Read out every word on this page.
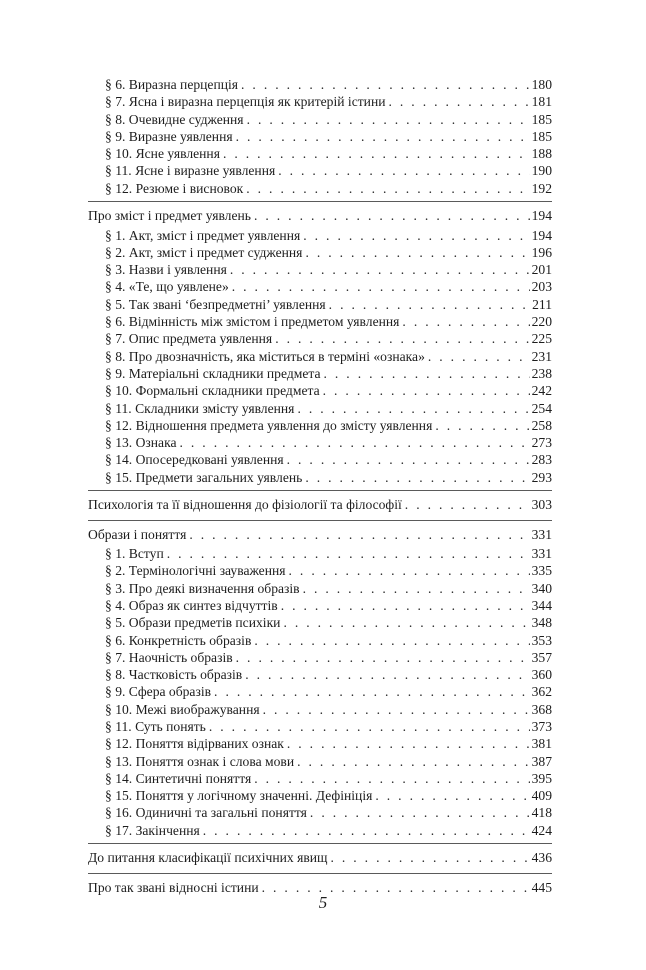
§ 6. Виразна перцепція . . .	180
§ 7. Ясна і виразна перцепція як критерій істини . . .	181
§ 8. Очевидне судження . . .	185
§ 9. Виразне уявлення . . .	185
§ 10. Ясне уявлення . . .	188
§ 11. Ясне і виразне уявлення . . .	190
§ 12. Резюме і висновок . . .	192
Про зміст і предмет уявлень . . .	194
§ 1. Акт, зміст і предмет уявлення . . .	194
§ 2. Акт, зміст і предмет судження . . .	196
§ 3. Назви і уявлення . . .	201
§ 4. «Те, що уявлене» . . .	203
§ 5. Так звані ‘безпредметні’ уявлення . . .	211
§ 6. Відмінність між змістом і предметом уявлення . . .	220
§ 7. Опис предмета уявлення . . .	225
§ 8. Про двозначність, яка міститься в терміні «ознака» . . .	231
§ 9. Матеріальні складники предмета . . .	238
§ 10. Формальні складники предмета . . .	242
§ 11. Складники змісту уявлення . . .	254
§ 12. Відношення предмета уявлення до змісту уявлення . . .	258
§ 13. Ознака . . .	273
§ 14. Опосередковані уявлення . . .	283
§ 15. Предмети загальних уявлень . . .	293
Психологія та її відношення до фізіології та філософії . . .	303
Образи і поняття . . .	331
§ 1. Вступ . . .	331
§ 2. Термінологічні зауваження . . .	335
§ 3. Про деякі визначення образів . . .	340
§ 4. Образ як синтез відчуттів . . .	344
§ 5. Образи предметів психіки . . .	348
§ 6. Конкретність образів . . .	353
§ 7. Наочність образів . . .	357
§ 8. Частковість образів . . .	360
§ 9. Сфера образів . . .	362
§ 10. Межі виображування . . .	368
§ 11. Суть понять . . .	373
§ 12. Поняття відірваних ознак . . .	381
§ 13. Поняття ознак і слова мови . . .	387
§ 14. Синтетичні поняття . . .	395
§ 15. Поняття у логічному значенні. Дефініція . . .	409
§ 16. Одиничні та загальні поняття . . .	418
§ 17. Закінчення . . .	424
До питання класифікації психічних явищ . . .	436
Про так звані відносні істини . . .	445
5
